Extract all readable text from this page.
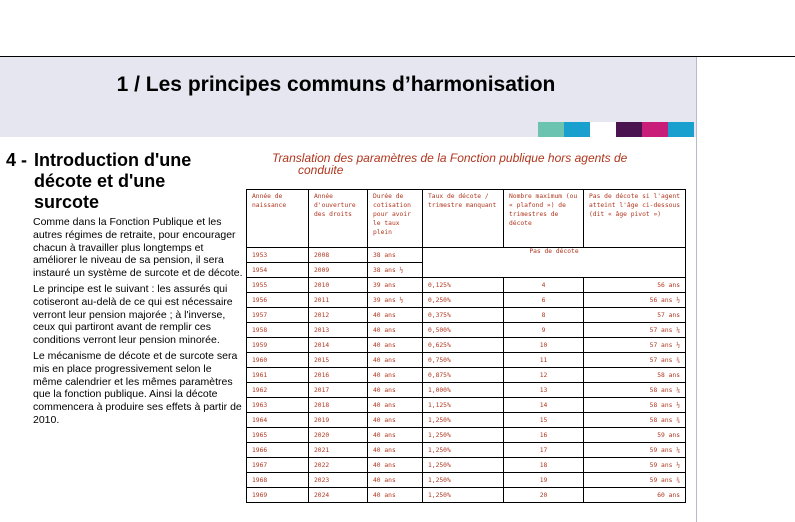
1 / Les principes communs d’harmonisation
4 - Introduction d'une décote et d'une surcote

Comme dans la Fonction Publique et les autres régimes de retraite, pour encourager chacun à travailler plus longtemps et améliorer le niveau de sa pension, il sera instauré un système de surcote et de décote.

Le principe est le suivant : les assurés qui cotiseront au-delà de ce qui est nécessaire verront leur pension majorée ; à l'inverse, ceux qui partiront avant de remplir ces conditions verront leur pension minorée.

Le mécanisme de décote et de surcote sera mis en place progressivement selon le même calendrier et les mêmes paramètres que la fonction publique. Ainsi la décote commencera à produire ses effets à partir de 2010.

Translation des paramètres de la Fonction publique hors agents de
conduite
Année de naissance	Année d'ouverture des droits	Durée de cotisation pour avoir le taux plein	Taux de décote / trimestre manquant	Nombre maximum (ou « plafond ») de trimestres de décote	Pas de décote si l'agent atteint l'âge ci-dessous (dit « âge pivot »)
1953	2008	38 ans	Pas de décote		
1954	2009	38 ans ½			
1955	2010	39 ans	0,125%	4	56 ans
1956	2011	39 ans ½	0,250%	6	56 ans ½
1957	2012	40 ans	0,375%	8	57 ans
1958	2013	40 ans	0,500%	9	57 ans ¼
1959	2014	40 ans	0,625%	10	57 ans ½
1960	2015	40 ans	0,750%	11	57 ans ¾
1961	2016	40 ans	0,875%	12	58 ans
1962	2017	40 ans	1,000%	13	58 ans ¼
1963	2018	40 ans	1,125%	14	58 ans ½
1964	2019	40 ans	1,250%	15	58 ans ¾
1965	2020	40 ans	1,250%	16	59 ans
1966	2021	40 ans	1,250%	17	59 ans ¼
1967	2022	40 ans	1,250%	18	59 ans ½
1968	2023	40 ans	1,250%	19	59 ans ¾
1969	2024	40 ans	1,250%	20	60 ans
